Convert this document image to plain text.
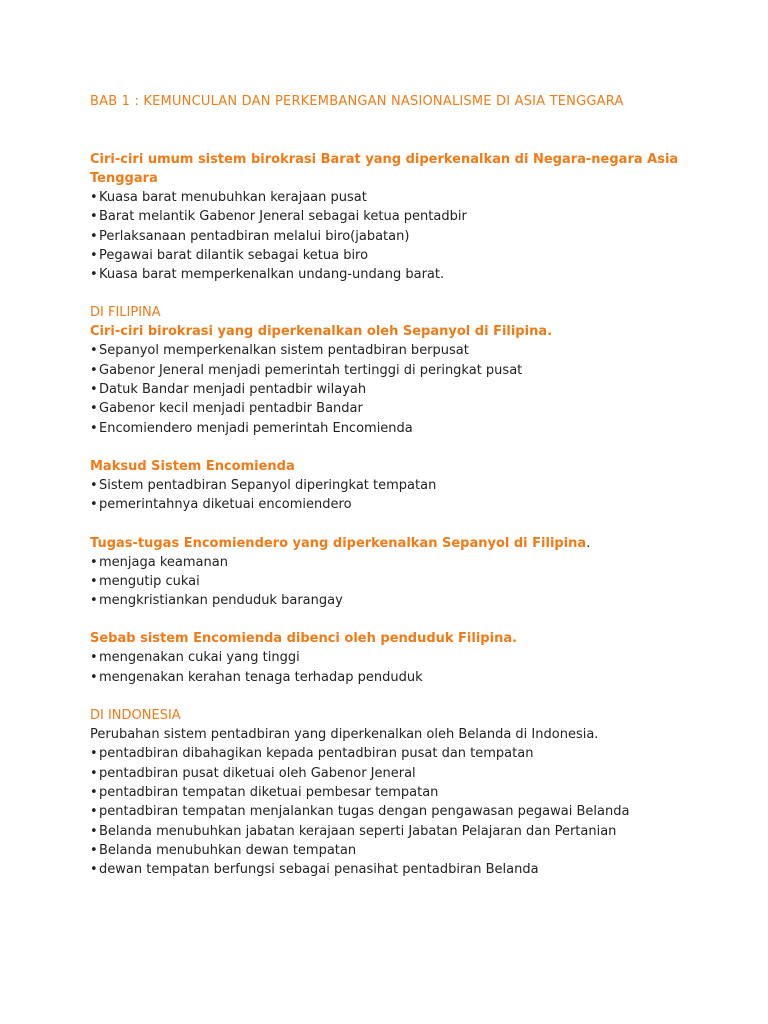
BAB 1 : KEMUNCULAN DAN PERKEMBANGAN NASIONALISME DI ASIA TENGGARA

Ciri-ciri umum sistem birokrasi Barat yang diperkenalkan di Negara-negara Asia Tenggara

•Kuasa barat menubuhkan kerajaan pusat
•Barat melantik Gabenor Jeneral sebagai ketua pentadbir
•Perlaksanaan pentadbiran melalui biro(jabatan)
•Pegawai barat dilantik sebagai ketua biro
•Kuasa barat memperkenalkan undang-undang barat.

DI FILIPINA

Ciri-ciri birokrasi yang diperkenalkan oleh Sepanyol di Filipina.

•Sepanyol memperkenalkan sistem pentadbiran berpusat
•Gabenor Jeneral menjadi pemerintah tertinggi di peringkat pusat
•Datuk Bandar menjadi pentadbir wilayah
•Gabenor kecil menjadi pentadbir Bandar
•Encomiendero menjadi pemerintah Encomienda

Maksud Sistem Encomienda

•Sistem pentadbiran Sepanyol diperingkat tempatan
•pemerintahnya diketuai encomiendero

Tugas-tugas Encomiendero yang diperkenalkan Sepanyol di Filipina.

•menjaga keamanan
•mengutip cukai
•mengkristiankan penduduk barangay

Sebab sistem Encomienda dibenci oleh penduduk Filipina.

•mengenakan cukai yang tinggi
•mengenakan kerahan tenaga terhadap penduduk

DI INDONESIA

Perubahan sistem pentadbiran yang diperkenalkan oleh Belanda di Indonesia.

•pentadbiran dibahagikan kepada pentadbiran pusat dan tempatan
•pentadbiran pusat diketuai oleh Gabenor Jeneral
•pentadbiran tempatan diketuai pembesar tempatan
•pentadbiran tempatan menjalankan tugas dengan pengawasan pegawai Belanda
•Belanda menubuhkan jabatan kerajaan seperti Jabatan Pelajaran dan Pertanian
•Belanda menubuhkan dewan tempatan
•dewan tempatan berfungsi sebagai penasihat pentadbiran Belanda
